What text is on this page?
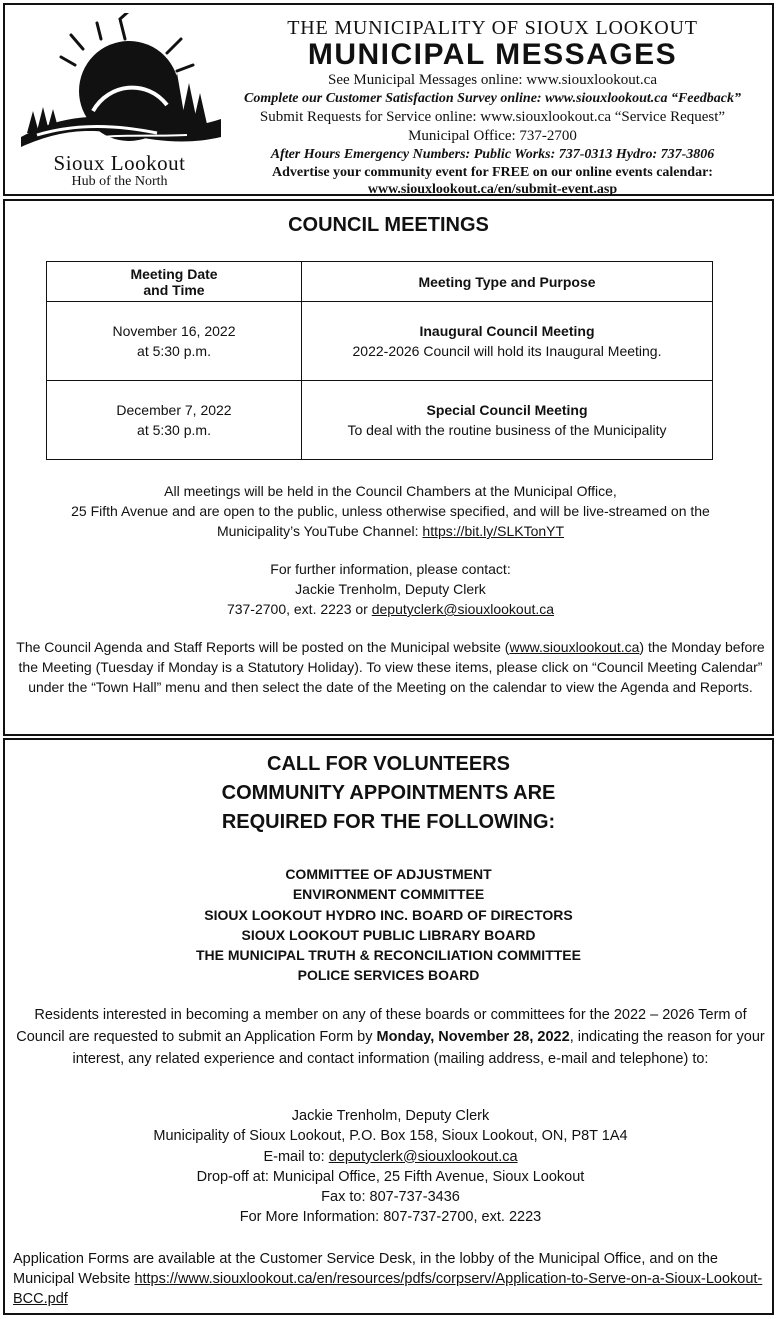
Sioux Lookout
Hub of the North
THE MUNICIPALITY OF SIOUX LOOKOUT
MUNICIPAL MESSAGES
See Municipal Messages online: www.siouxlookout.ca
Complete our Customer Satisfaction Survey online: www.siouxlookout.ca “Feedback”
Submit Requests for Service online: www.siouxlookout.ca “Service Request”
Municipal Office: 737-2700
After Hours Emergency Numbers: Public Works: 737-0313 Hydro: 737-3806
Advertise your community event for FREE on our online events calendar:
www.siouxlookout.ca/en/submit-event.asp
COUNCIL MEETINGS
Meeting Date
and Time	Meeting Type and Purpose
November 16, 2022
at 5:30 p.m.	Inaugural Council Meeting
2022-2026 Council will hold its Inaugural Meeting.
December 7, 2022
at 5:30 p.m.	Special Council Meeting
To deal with the routine business of the Municipality
All meetings will be held in the Council Chambers at the Municipal Office,
25 Fifth Avenue and are open to the public, unless otherwise specified, and will be live-streamed on the
Municipality’s YouTube Channel: https://bit.ly/SLKTonYT
For further information, please contact:
Jackie Trenholm, Deputy Clerk
737-2700, ext. 2223 or deputyclerk@siouxlookout.ca
The Council Agenda and Staff Reports will be posted on the Municipal website (www.siouxlookout.ca) the Monday before the Meeting (Tuesday if Monday is a Statutory Holiday). To view these items, please click on “Council Meeting Calendar” under the “Town Hall” menu and then select the date of the Meeting on the calendar to view the Agenda and Reports.
CALL FOR VOLUNTEERS
COMMUNITY APPOINTMENTS ARE
REQUIRED FOR THE FOLLOWING:
COMMITTEE OF ADJUSTMENT
ENVIRONMENT COMMITTEE
SIOUX LOOKOUT HYDRO INC. BOARD OF DIRECTORS
SIOUX LOOKOUT PUBLIC LIBRARY BOARD
THE MUNICIPAL TRUTH & RECONCILIATION COMMITTEE
POLICE SERVICES BOARD
Residents interested in becoming a member on any of these boards or committees for the 2022 – 2026 Term of Council are requested to submit an Application Form by Monday, November 28, 2022, indicating the reason for your interest, any related experience and contact information (mailing address, e-mail and telephone) to:
Jackie Trenholm, Deputy Clerk
Municipality of Sioux Lookout, P.O. Box 158, Sioux Lookout, ON, P8T 1A4
E-mail to: deputyclerk@siouxlookout.ca
Drop-off at: Municipal Office, 25 Fifth Avenue, Sioux Lookout
Fax to: 807-737-3436
For More Information: 807-737-2700, ext. 2223
Application Forms are available at the Customer Service Desk, in the lobby of the Municipal Office, and on the Municipal Website https://www.siouxlookout.ca/en/resources/pdfs/corpserv/Application-to-Serve-on-a-Sioux-Lookout-BCC.pdf
